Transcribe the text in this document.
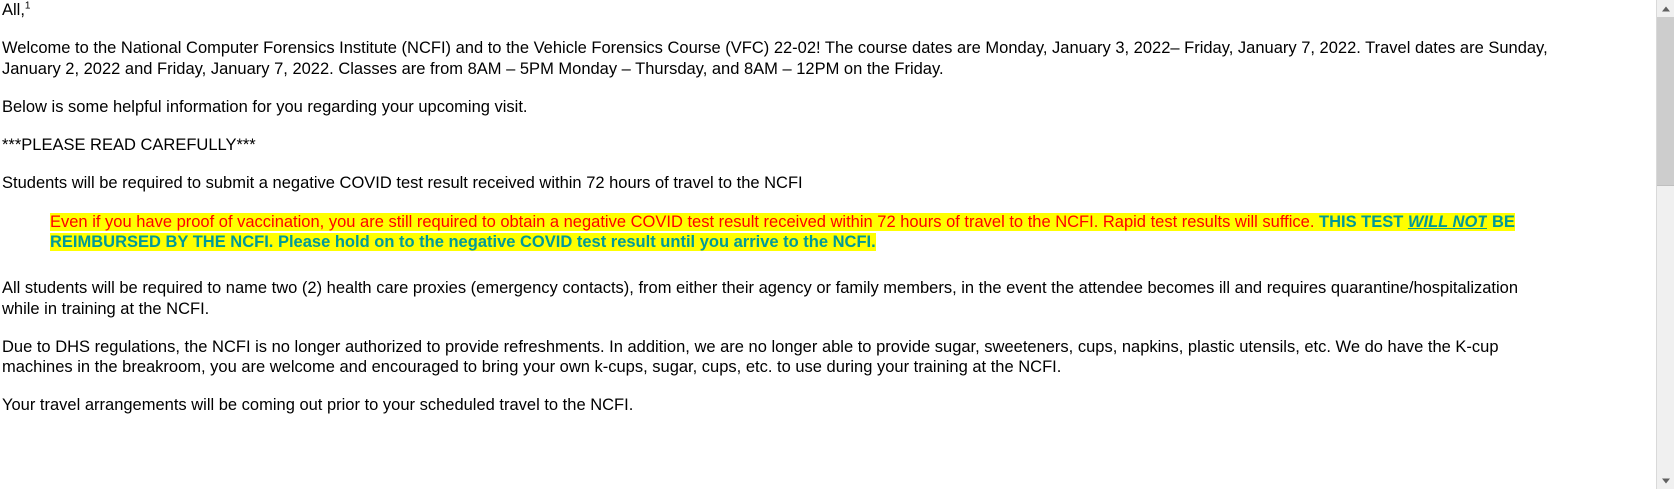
All,$^1$

Welcome to the National Computer Forensics Institute (NCFI) and to the Vehicle Forensics Course (VFC) 22-02! The course dates are Monday, January 3, 2022– Friday, January 7, 2022. Travel dates are Sunday, January 2, 2022 and Friday, January 7, 2022. Classes are from 8AM – 5PM Monday – Thursday, and 8AM – 12PM on the Friday.

Below is some helpful information for you regarding your upcoming visit.

***PLEASE READ CAREFULLY***

Students will be required to submit a negative COVID test result received within 72 hours of travel to the NCFI

Even if you have proof of vaccination, you are still required to obtain a negative COVID test result received within 72 hours of travel to the NCFI. Rapid test results will suffice. THIS TEST WILL NOT BE REIMBURSED BY THE NCFI. Please hold on to the negative COVID test result until you arrive to the NCFI.

All students will be required to name two (2) health care proxies (emergency contacts), from either their agency or family members, in the event the attendee becomes ill and requires quarantine/hospitalization while in training at the NCFI.

Due to DHS regulations, the NCFI is no longer authorized to provide refreshments. In addition, we are no longer able to provide sugar, sweeteners, cups, napkins, plastic utensils, etc. We do have the K-cup machines in the breakroom, you are welcome and encouraged to bring your own k-cups, sugar, cups, etc. to use during your training at the NCFI.

Your travel arrangements will be coming out prior to your scheduled travel to the NCFI.
